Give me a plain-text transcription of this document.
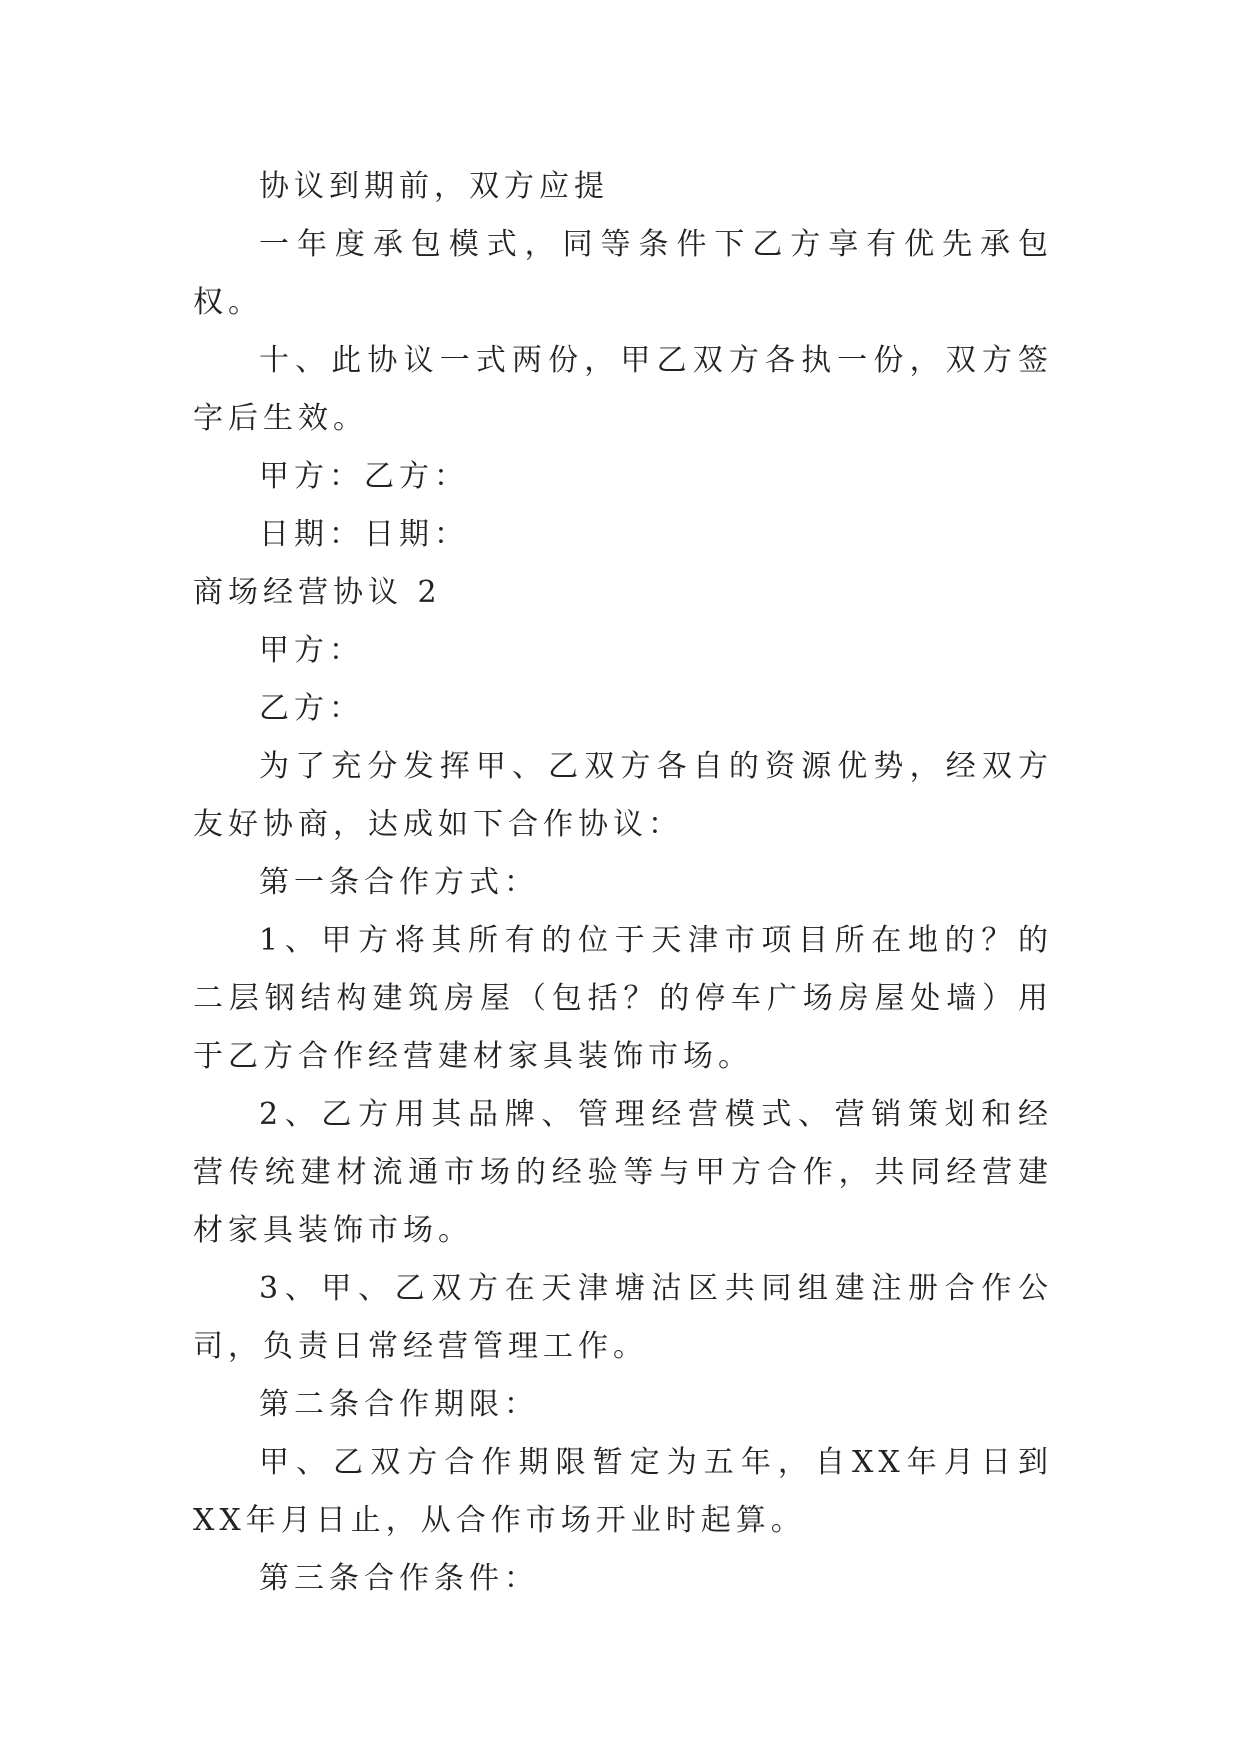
协议到期前，双方应提

一年度承包模式，同等条件下乙方享有优先承包权。

十、此协议一式两份，甲乙双方各执一份，双方签字后生效。

甲方：乙方：

日期：日期：

商场经营协议 2

甲方：

乙方：

为了充分发挥甲、乙双方各自的资源优势，经双方友好协商，达成如下合作协议：

第一条合作方式：

1、甲方将其所有的位于天津市项目所在地的？的二层钢结构建筑房屋（包括？的停车广场房屋处墙）用于乙方合作经营建材家具装饰市场。

2、乙方用其品牌、管理经营模式、营销策划和经营传统建材流通市场的经验等与甲方合作，共同经营建材家具装饰市场。

3、甲、乙双方在天津塘沽区共同组建注册合作公司，负责日常经营管理工作。

第二条合作期限：

甲、乙双方合作期限暂定为五年，自XX年月日到XX年月日止，从合作市场开业时起算。

第三条合作条件：
